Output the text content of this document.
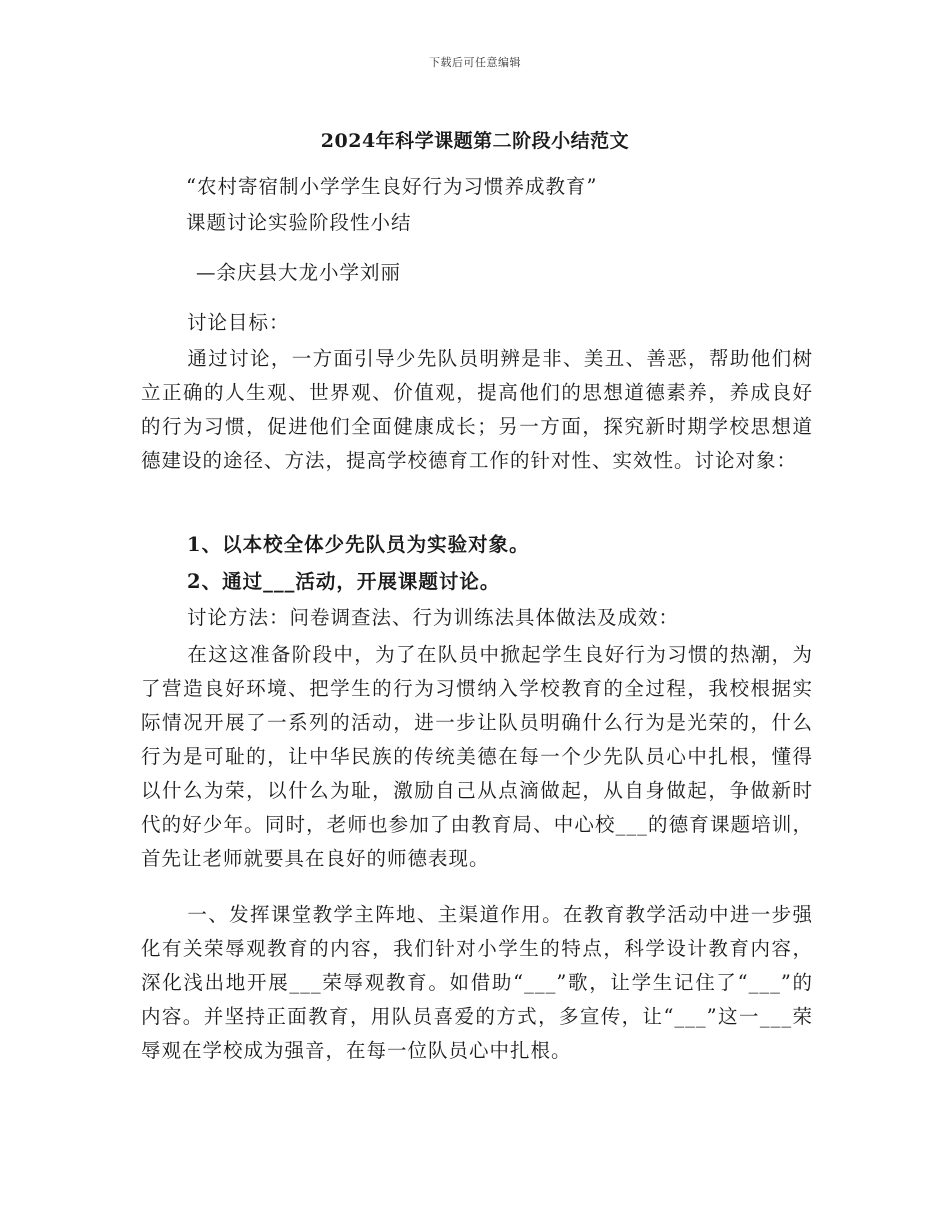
下载后可任意编辑
2024年科学课题第二阶段小结范文
“农村寄宿制小学学生良好行为习惯养成教育”
课题讨论实验阶段性小结
—余庆县大龙小学刘丽
讨论目标：
通过讨论，一方面引导少先队员明辨是非、美丑、善恶，帮助他们树立正确的人生观、世界观、价值观，提高他们的思想道德素养，养成良好的行为习惯，促进他们全面健康成长；另一方面，探究新时期学校思想道德建设的途径、方法，提高学校德育工作的针对性、实效性。讨论对象：
1、以本校全体少先队员为实验对象。
2、通过___活动，开展课题讨论。
讨论方法：问卷调查法、行为训练法具体做法及成效：
在这这准备阶段中，为了在队员中掀起学生良好行为习惯的热潮，为了营造良好环境、把学生的行为习惯纳入学校教育的全过程，我校根据实际情况开展了一系列的活动，进一步让队员明确什么行为是光荣的，什么行为是可耻的，让中华民族的传统美德在每一个少先队员心中扎根，懂得以什么为荣，以什么为耻，激励自己从点滴做起，从自身做起，争做新时代的好少年。同时，老师也参加了由教育局、中心校___的德育课题培训，首先让老师就要具在良好的师德表现。
一、发挥课堂教学主阵地、主渠道作用。在教育教学活动中进一步强化有关荣辱观教育的内容，我们针对小学生的特点，科学设计教育内容，深化浅出地开展___荣辱观教育。如借助“___”歌，让学生记住了“___”的内容。并坚持正面教育，用队员喜爱的方式，多宣传，让“___”这一___荣辱观在学校成为强音，在每一位队员心中扎根。
